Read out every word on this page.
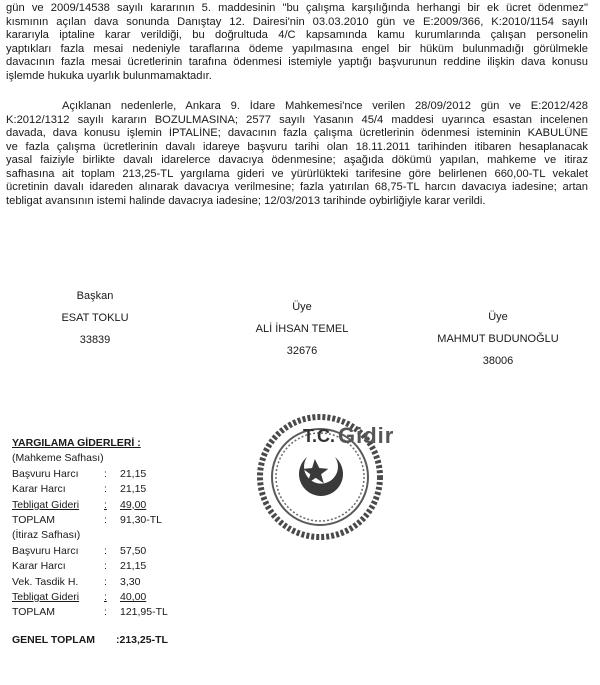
gün ve 2009/14538 sayılı kararının 5. maddesinin "bu çalışma karşılığında herhangi bir ek ücret ödenmez"
kısmının açılan dava sonunda Danıştay 12. Dairesi'nin 03.03.2010 gün ve E:2009/366, K:2010/1154 sayılı
kararıyla iptaline karar verildiği, bu doğrultuda 4/C kapsamında kamu kurumlarında çalışan personelin
yaptıkları fazla mesai nedeniyle taraflarına ödeme yapılmasına engel bir hüküm bulunmadığı görülmekle
davacının fazla mesai ücretlerinin tarafına ödenmesi istemiyle yaptığı başvurunun reddine ilişkin dava konusu
işlemde hukuka uyarlık bulunmamaktadır.
Açıklanan nedenlerle, Ankara 9. İdare Mahkemesi'nce verilen 28/09/2012 gün ve E:2012/428
K:2012/1312 sayılı kararın BOZULMASINA; 2577 sayılı Yasanın 45/4 maddesi uyarınca esastan incelenen
davada, dava konusu işlemin İPTALİNE; davacının fazla çalışma ücretlerinin ödenmesi isteminin KABULÜNE
ve fazla çalışma ücretlerinin davalı idareye başvuru tarihi olan 18.11.2011 tarihinden itibaren hesaplanacak
yasal faiziyle birlikte davalı idarelerce davacıya ödenmesine; aşağıda dökümü yapılan, mahkeme ve itiraz
safhasına ait toplam 213,25-TL yargılama gideri ve yürürlükteki tarifesine göre belirlenen 660,00-TL vekalet
ücretinin davalı idareden alınarak davacıya verilmesine; fazla yatırılan 68,75-TL harcın davacıya iadesine; artan
tebligat avansının istemi halinde davacıya iadesine; 12/03/2013 tarihinde oybirliğiyle karar verildi.
Başkan
ESAT TOKLU
33839
Üye
ALİ İHSAN TEMEL
32676
Üye
MAHMUT BUDUNOĞLU
38006
T.C. Gidir
YARGILAMA GİDERLERİ :
(Mahkeme Safhası)
Başvuru Harcı : 21,15
Karar Harcı	: 21,15
Tebligat Gideri : 49,00
TOPLAM	: 91,30-TL
(İtiraz Safhası)
Başvuru Harcı : 57,50
Karar Harcı	: 21,15
Vek. Tasdik H. : 3,30
Tebligat Gideri : 40,00
TOPLAM	: 121,95-TL
GENEL TOPLAM :213,25-TL
